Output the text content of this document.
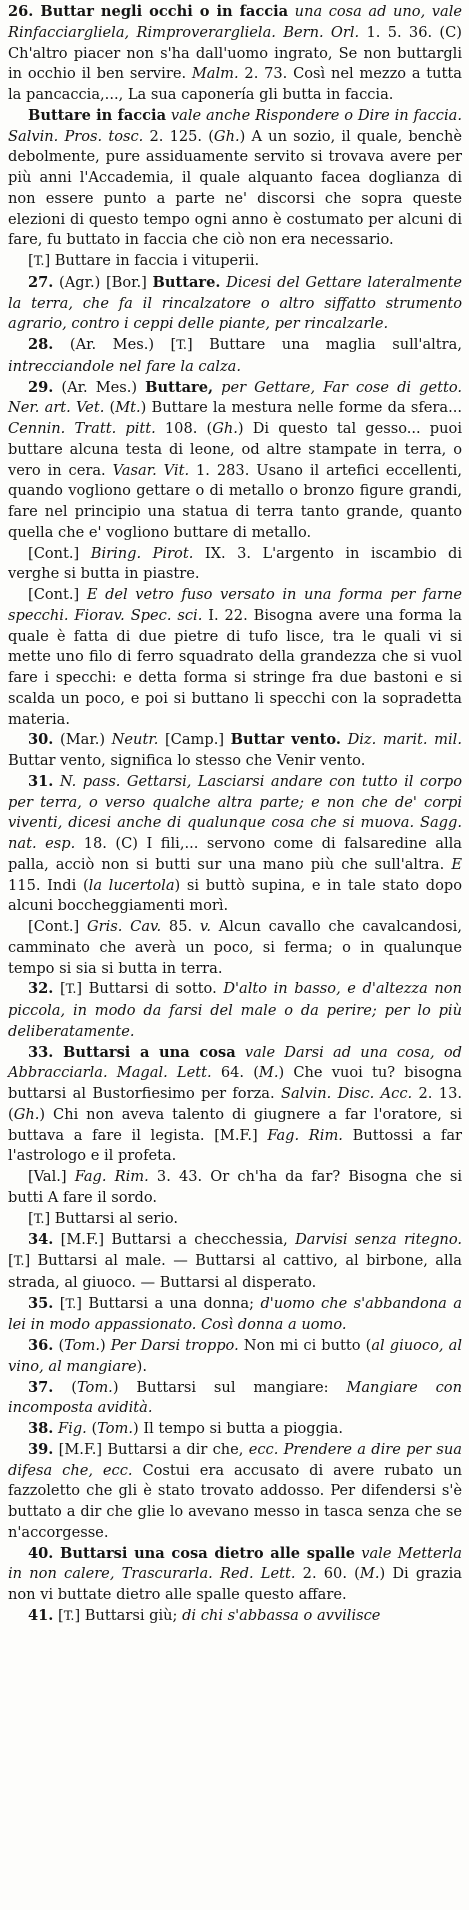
26. Buttar negli occhi o in faccia una cosa ad uno, vale Rinfacciargliela, Rimproverargliela. Bern. Orl. 1. 5. 36. (C) Ch'altro piacer non s'ha dall'uomo ingrato, Se non buttargli in occhio il ben servire. Malm. 2. 73. Così nel mezzo a tutta la pancaccia,..., La sua caponería gli butta in faccia.

Buttare in faccia vale anche Rispondere o Dire in faccia. Salvin. Pros. tosc. 2. 125. (Gh.) A un sozio, il quale, benchè debolmente, pure assiduamente servito si trovava avere per più anni l'Accademia, il quale alquanto facea doglianza di non essere punto a parte ne' discorsi che sopra queste elezioni di questo tempo ogni anno è costumato per alcuni di fare, fu buttato in faccia che ciò non era necessario.

[T.] Buttare in faccia i vituperii.

27. (Agr.) [Bor.] Buttare. Dicesi del Gettare lateralmente la terra, che fa il rincalzatore o altro siffatto strumento agrario, contro i ceppi delle piante, per rincalzarle.

28. (Ar. Mes.) [T.] Buttare una maglia sull'altra, intrecciandole nel fare la calza.

29. (Ar. Mes.) Buttare, per Gettare, Far cose di getto. Ner. art. Vet. (Mt.) Buttare la mestura nelle forme da sfera... Cennin. Tratt. pitt. 108. (Gh.) Di questo tal gesso... puoi buttare alcuna testa di leone, od altre stampate in terra, o vero in cera. Vasar. Vit. 1. 283. Usano il artefici eccellenti, quando vogliono gettare o di metallo o bronzo figure grandi, fare nel principio una statua di terra tanto grande, quanto quella che e' vogliono buttare di metallo.

[Cont.] Biring. Pirot. IX. 3. L'argento in iscambio di verghe si butta in piastre.

[Cont.] E del vetro fuso versato in una forma per farne specchi. Fiorav. Spec. sci. I. 22. Bisogna avere una forma la quale è fatta di due pietre di tufo lisce, tra le quali vi si mette uno filo di ferro squadrato della grandezza che si vuol fare i specchi: e detta forma si stringe fra due bastoni e si scalda un poco, e poi si buttano li specchi con la sopradetta materia.

30. (Mar.) Neutr. [Camp.] Buttar vento. Diz. marit. mil. Buttar vento, significa lo stesso che Venir vento.

31. N. pass. Gettarsi, Lasciarsi andare con tutto il corpo per terra, o verso qualche altra parte; e non che de' corpi viventi, dicesi anche di qualunque cosa che si muova. Sagg. nat. esp. 18. (C) I fili,... servono come di falsaredine alla palla, acciò non si butti sur una mano più che sull'altra. E 115. Indi (la lucertola) si buttò supina, e in tale stato dopo alcuni boccheggiamenti morì.

[Cont.] Gris. Cav. 85. v. Alcun cavallo che cavalcandosi, camminato che averà un poco, si ferma; o in qualunque tempo si sia si butta in terra.

32. [T.] Buttarsi di sotto. D'alto in basso, e d'altezza non piccola, in modo da farsi del male o da perire; per lo più deliberatamente.

33. Buttarsi a una cosa vale Darsi ad una cosa, od Abbracciarla. Magal. Lett. 64. (M.) Che vuoi tu? bisogna buttarsi al Bustorfiesimo per forza. Salvin. Disc. Acc. 2. 13. (Gh.) Chi non aveva talento di giugnere a far l'oratore, si buttava a fare il legista. [M.F.] Fag. Rim. Buttossi a far l'astrologo e il profeta.

[Val.] Fag. Rim. 3. 43. Or ch'ha da far? Bisogna che si butti A fare il sordo.

[T.] Buttarsi al serio.

34. [M.F.] Buttarsi a checchessia, Darvisi senza ritegno. [T.] Buttarsi al male. — Buttarsi al cattivo, al birbone, alla strada, al giuoco. — Buttarsi al disperato.

35. [T.] Buttarsi a una donna; d'uomo che s'abbandona a lei in modo appassionato. Così donna a uomo.

36. (Tom.) Per Darsi troppo. Non mi ci butto (al giuoco, al vino, al mangiare).

37. (Tom.) Buttarsi sul mangiare: Mangiare con incomposta avidità.

38. Fig. (Tom.) Il tempo si butta a pioggia.

39. [M.F.] Buttarsi a dir che, ecc. Prendere a dire per sua difesa che, ecc. Costui era accusato di avere rubato un fazzoletto che gli è stato trovato addosso. Per difendersi s'è buttato a dir che glie lo avevano messo in tasca senza che se n'accorgesse.

40. Buttarsi una cosa dietro alle spalle vale Metterla in non calere, Trascurarla. Red. Lett. 2. 60. (M.) Di grazia non vi buttate dietro alle spalle questo affare.

41. [T.] Buttarsi giù; di chi s'abbassa o avvilisce
